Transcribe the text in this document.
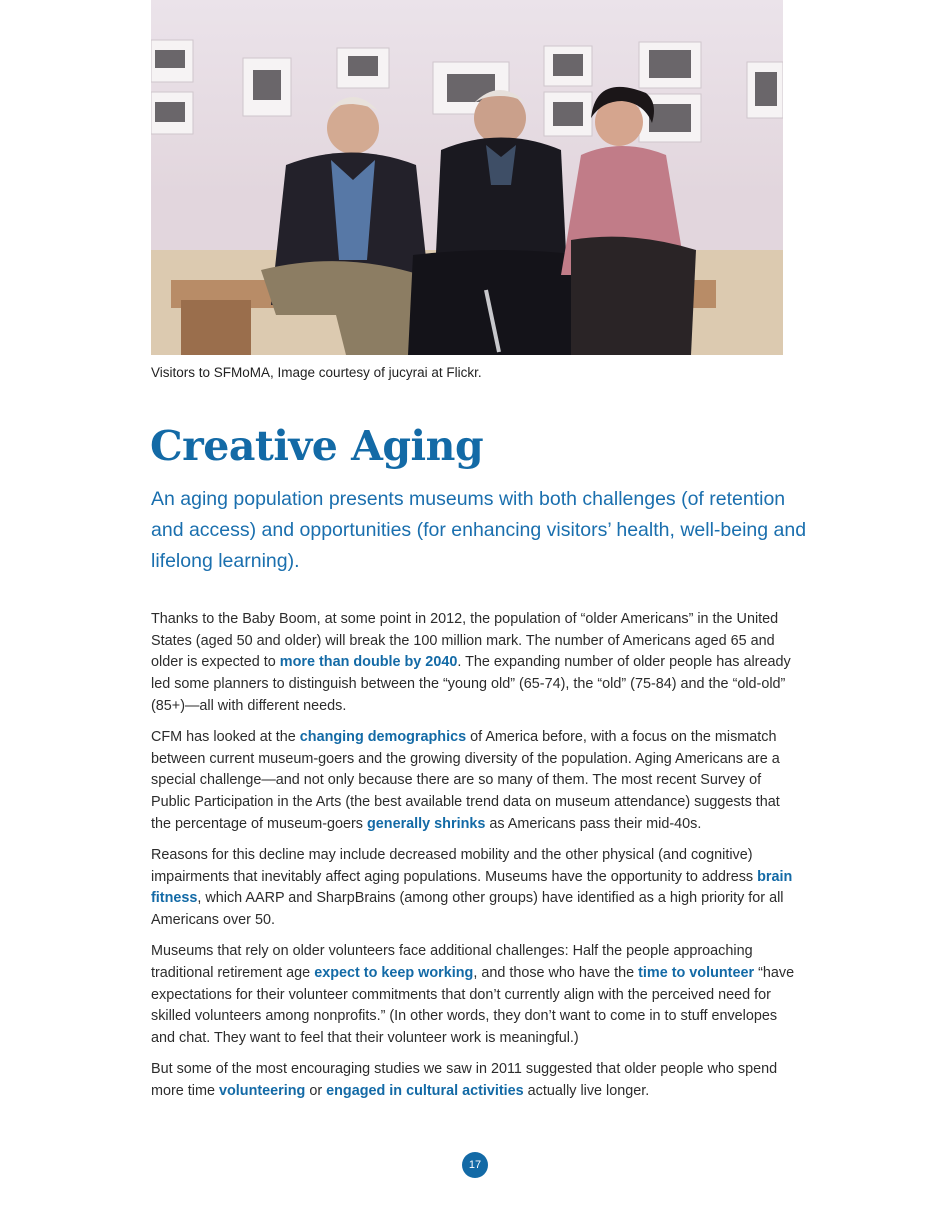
Visitors to SFMoMA, Image courtesy of jucyrai at Flickr.
Creative Aging

An aging population presents museums with both challenges (of retention and access) and opportunities (for enhancing visitors’ health, well-being and lifelong learning).

Thanks to the Baby Boom, at some point in 2012, the population of “older Americans” in the United States (aged 50 and older) will break the 100 million mark. The number of Americans aged 65 and older is expected to more than double by 2040. The expanding number of older people has already led some planners to distinguish between the “young old” (65-74), the “old” (75-84) and the “old-old” (85+)—all with different needs.

CFM has looked at the changing demographics of America before, with a focus on the mismatch between current museum-goers and the growing diversity of the population. Aging Americans are a special challenge—and not only because there are so many of them. The most recent Survey of Public Participation in the Arts (the best available trend data on museum attendance) suggests that the percentage of museum-goers generally shrinks as Americans pass their mid-40s.

Reasons for this decline may include decreased mobility and the other physical (and cognitive) impairments that inevitably affect aging populations. Museums have the opportunity to address brain fitness, which AARP and SharpBrains (among other groups) have identified as a high priority for all Americans over 50.

Museums that rely on older volunteers face additional challenges: Half the people approaching traditional retirement age expect to keep working, and those who have the time to volunteer “have expectations for their volunteer commitments that don’t currently align with the perceived need for skilled volunteers among nonprofits.” (In other words, they don’t want to come in to stuff envelopes and chat. They want to feel that their volunteer work is meaningful.)

But some of the most encouraging studies we saw in 2011 suggested that older people who spend more time volunteering or engaged in cultural activities actually live longer.

17
